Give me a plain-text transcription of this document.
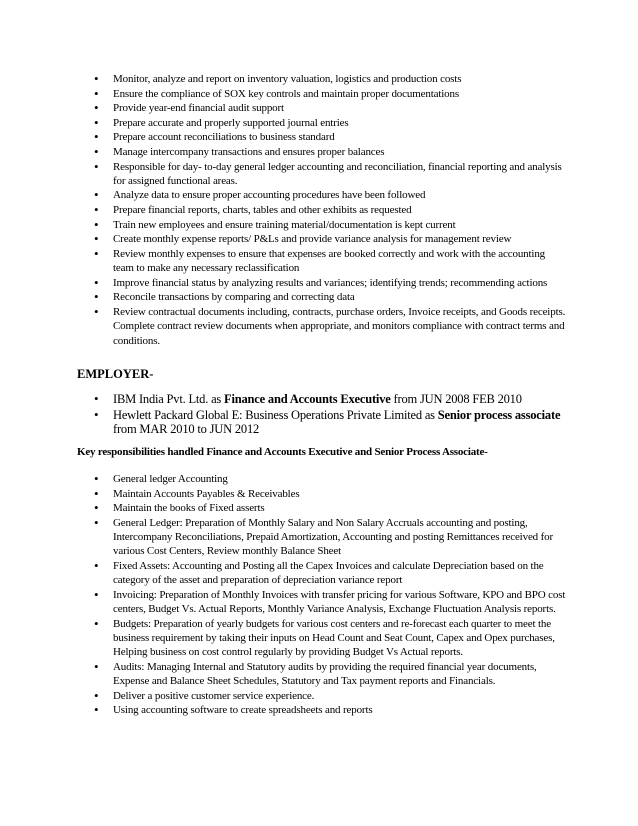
• Monitor, analyze and report on inventory valuation, logistics and production costs
• Ensure the compliance of SOX key controls and maintain proper documentations
• Provide year-end financial audit support
• Prepare accurate and properly supported journal entries
• Prepare account reconciliations to business standard
• Manage intercompany transactions and ensures proper balances
• Responsible for day- to-day general ledger accounting and reconciliation, financial reporting and analysis for assigned functional areas.
• Analyze data to ensure proper accounting procedures have been followed
• Prepare financial reports, charts, tables and other exhibits as requested
• Train new employees and ensure training material/documentation is kept current
• Create monthly expense reports/ P&Ls and provide variance analysis for management review
• Review monthly expenses to ensure that expenses are booked correctly and work with the accounting team to make any necessary reclassification
• Improve financial status by analyzing results and variances; identifying trends; recommending actions
• Reconcile transactions by comparing and correcting data
• Review contractual documents including, contracts, purchase orders, Invoice receipts, and Goods receipts. Complete contract review documents when appropriate, and monitors compliance with contract terms and conditions.
EMPLOYER-
• IBM India Pvt. Ltd. as Finance and Accounts Executive from JUN 2008 FEB 2010
• Hewlett Packard Global E: Business Operations Private Limited as Senior process associate from MAR 2010 to JUN 2012
Key responsibilities handled Finance and Accounts Executive and Senior Process Associate-
• General ledger Accounting
• Maintain Accounts Payables & Receivables
• Maintain the books of Fixed asserts
• General Ledger: Preparation of Monthly Salary and Non Salary Accruals accounting and posting, Intercompany Reconciliations, Prepaid Amortization, Accounting and posting Remittances received for various Cost Centers, Review monthly Balance Sheet
• Fixed Assets: Accounting and Posting all the Capex Invoices and calculate Depreciation based on the category of the asset and preparation of depreciation variance report
• Invoicing: Preparation of Monthly Invoices with transfer pricing for various Software, KPO and BPO cost centers, Budget Vs. Actual Reports, Monthly Variance Analysis, Exchange Fluctuation Analysis reports.
• Budgets: Preparation of yearly budgets for various cost centers and re-forecast each quarter to meet the business requirement by taking their inputs on Head Count and Seat Count, Capex and Opex purchases, Helping business on cost control regularly by providing Budget Vs Actual reports.
• Audits: Managing Internal and Statutory audits by providing the required financial year documents, Expense and Balance Sheet Schedules, Statutory and Tax payment reports and Financials.
• Deliver a positive customer service experience.
• Using accounting software to create spreadsheets and reports
